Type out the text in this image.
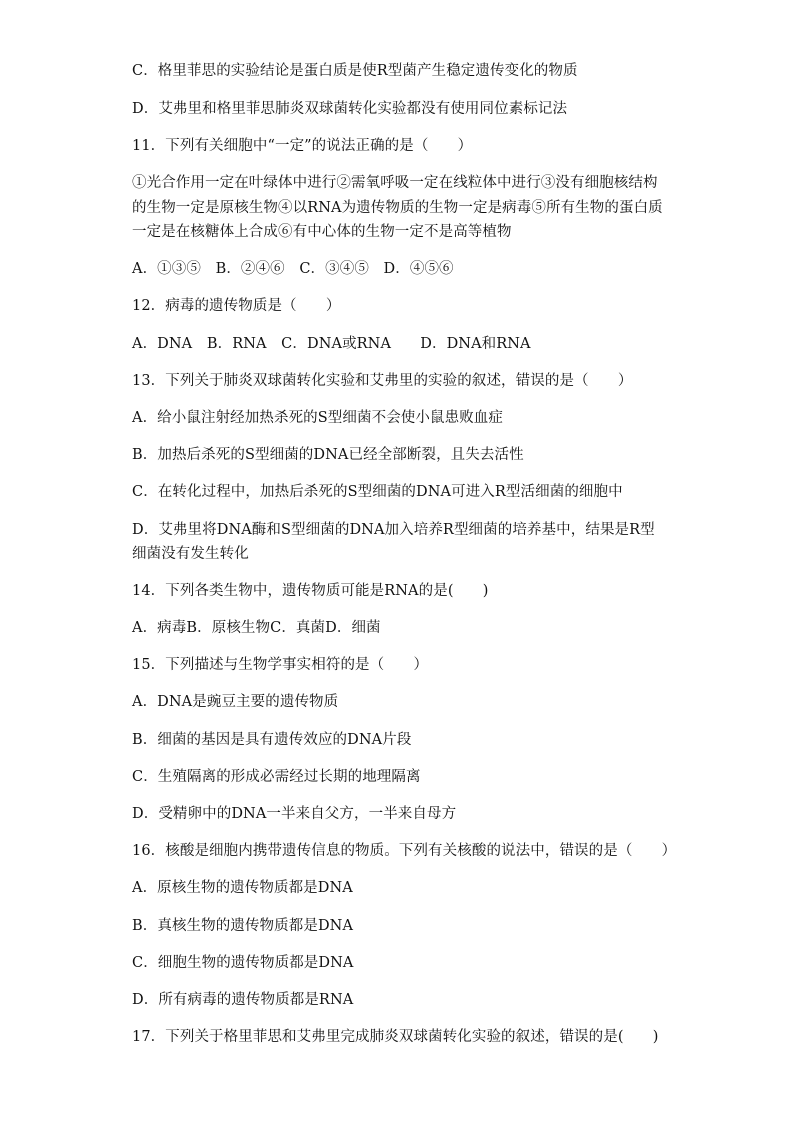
C．格里菲思的实验结论是蛋白质是使R型菌产生稳定遗传变化的物质
D．艾弗里和格里菲思肺炎双球菌转化实验都没有使用同位素标记法
11．下列有关细胞中“一定”的说法正确的是（　　）
①光合作用一定在叶绿体中进行②需氧呼吸一定在线粒体中进行③没有细胞核结构
的生物一定是原核生物④以RNA为遗传物质的生物一定是病毒⑤所有生物的蛋白质
一定是在核糖体上合成⑥有中心体的生物一定不是高等植物
A．①③⑤　B．②④⑥　C．③④⑤　D．④⑤⑥
12．病毒的遗传物质是（　　）
A．DNA　B．RNA　C．DNA或RNA　　D．DNA和RNA
13．下列关于肺炎双球菌转化实验和艾弗里的实验的叙述，错误的是（　　）
A．给小鼠注射经加热杀死的S型细菌不会使小鼠患败血症
B．加热后杀死的S型细菌的DNA已经全部断裂，且失去活性
C．在转化过程中，加热后杀死的S型细菌的DNA可进入R型活细菌的细胞中
D．艾弗里将DNA酶和S型细菌的DNA加入培养R型细菌的培养基中，结果是R型
细菌没有发生转化
14．下列各类生物中，遗传物质可能是RNA的是(　　)
A．病毒B．原核生物C．真菌D．细菌
15．下列描述与生物学事实相符的是（　　）
A．DNA是豌豆主要的遗传物质
B．细菌的基因是具有遗传效应的DNA片段
C．生殖隔离的形成必需经过长期的地理隔离
D．受精卵中的DNA一半来自父方，一半来自母方
16．核酸是细胞内携带遗传信息的物质。下列有关核酸的说法中，错误的是（　　）
A．原核生物的遗传物质都是DNA
B．真核生物的遗传物质都是DNA
C．细胞生物的遗传物质都是DNA
D．所有病毒的遗传物质都是RNA
17．下列关于格里菲思和艾弗里完成肺炎双球菌转化实验的叙述，错误的是(　　)
